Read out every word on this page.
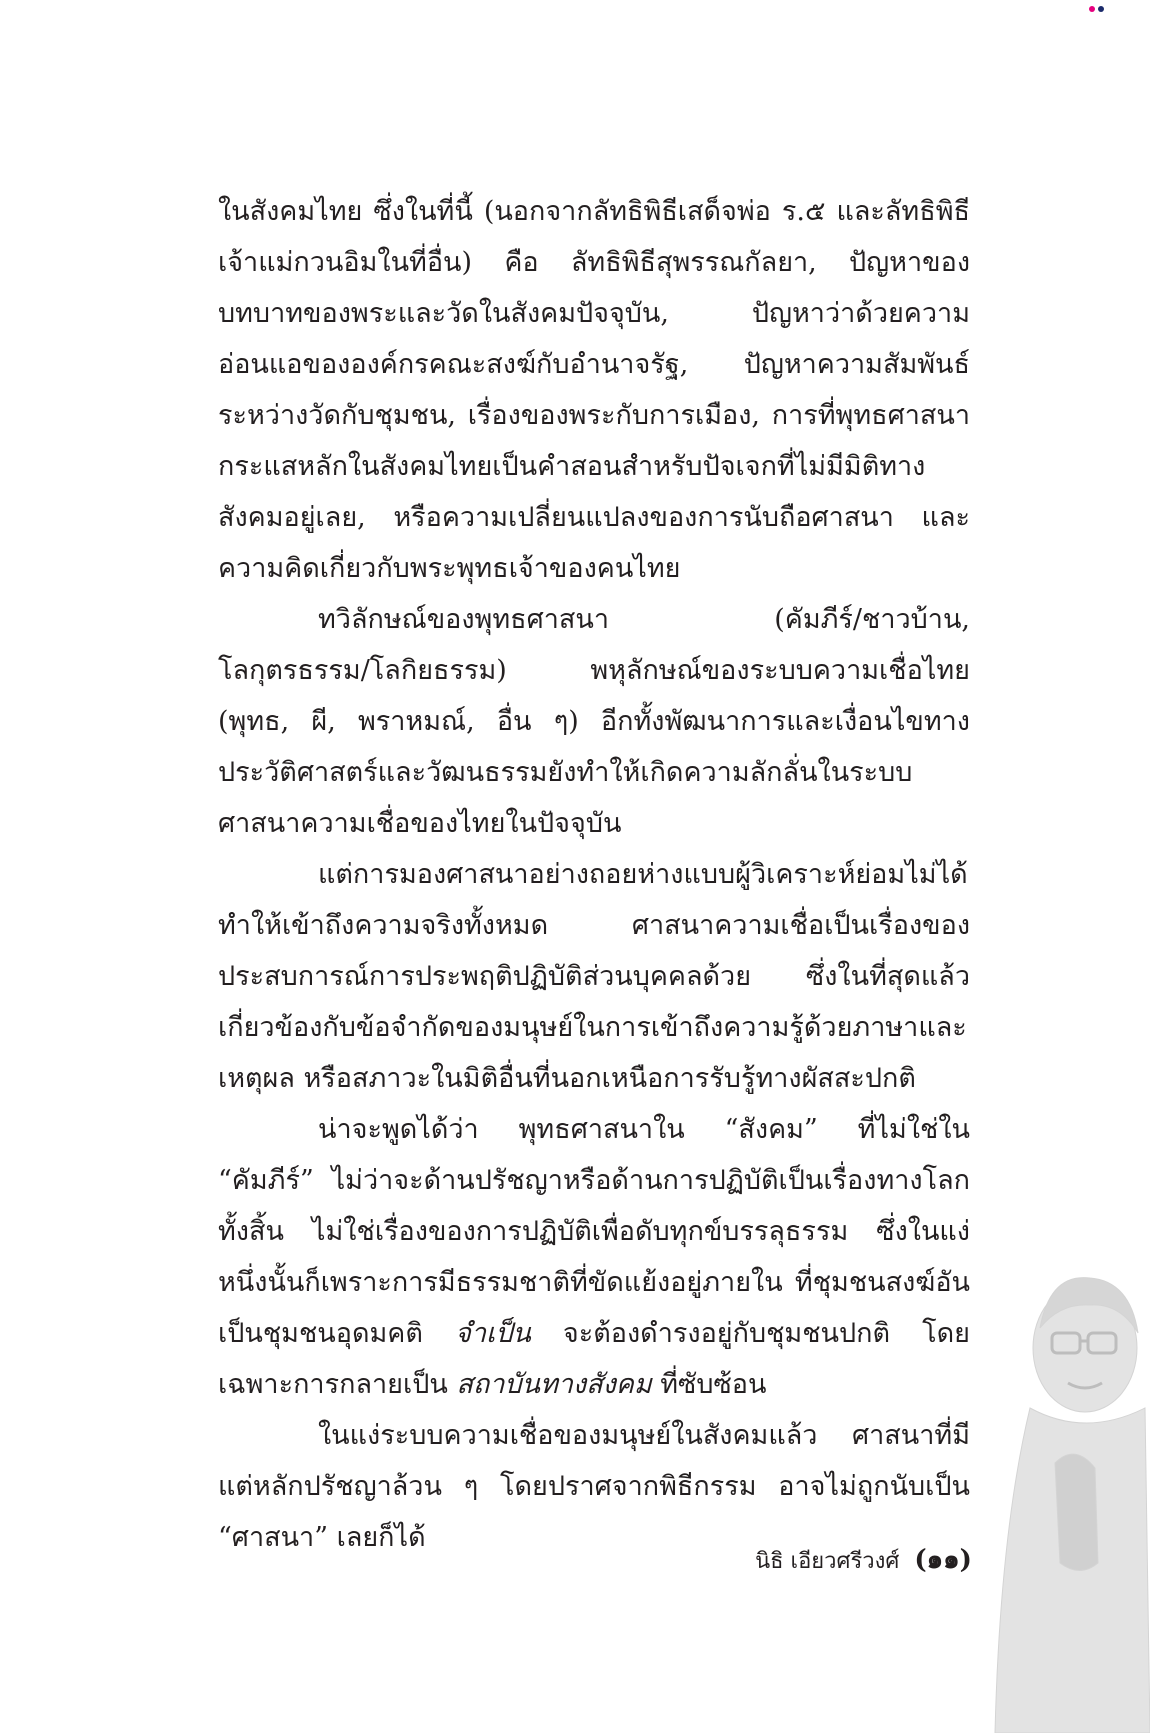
ในสังคมไทย ซึ่งในที่นี้ (นอกจากลัทธิพิธีเสด็จพ่อ ร.๕ และลัทธิพิธีเจ้าแม่กวนอิมในที่อื่น) คือ ลัทธิพิธีสุพรรณกัลยา, ปัญหาของบทบาทของพระและวัดในสังคมปัจจุบัน, ปัญหาว่าด้วยความอ่อนแอขององค์กรคณะสงฆ์กับอำนาจรัฐ, ปัญหาความสัมพันธ์ระหว่างวัดกับชุมชน, เรื่องของพระกับการเมือง, การที่พุทธศาสนากระแสหลักในสังคมไทยเป็นคำสอนสำหรับปัจเจกที่ไม่มีมิติทางสังคมอยู่เลย, หรือความเปลี่ยนแปลงของการนับถือศาสนา และความคิดเกี่ยวกับพระพุทธเจ้าของคนไทย

ทวิลักษณ์ของพุทธศาสนา (คัมภีร์/ชาวบ้าน, โลกุตรธรรม/โลกิยธรรม) พหุลักษณ์ของระบบความเชื่อไทย (พุทธ, ผี, พราหมณ์, อื่น ๆ) อีกทั้งพัฒนาการและเงื่อนไขทางประวัติศาสตร์และวัฒนธรรมยังทำให้เกิดความลักลั่นในระบบศาสนาความเชื่อของไทยในปัจจุบัน

แต่การมองศาสนาอย่างถอยห่างแบบผู้วิเคราะห์ย่อมไม่ได้ทำให้เข้าถึงความจริงทั้งหมด ศาสนาความเชื่อเป็นเรื่องของประสบการณ์การประพฤติปฏิบัติส่วนบุคคลด้วย ซึ่งในที่สุดแล้วเกี่ยวข้องกับข้อจำกัดของมนุษย์ในการเข้าถึงความรู้ด้วยภาษาและเหตุผล หรือสภาวะในมิติอื่นที่นอกเหนือการรับรู้ทางผัสสะปกติ

น่าจะพูดได้ว่า พุทธศาสนาใน “สังคม” ที่ไม่ใช่ใน “คัมภีร์” ไม่ว่าจะด้านปรัชญาหรือด้านการปฏิบัติเป็นเรื่องทางโลกทั้งสิ้น ไม่ใช่เรื่องของการปฏิบัติเพื่อดับทุกข์บรรลุธรรม ซึ่งในแง่หนึ่งนั้นก็เพราะการมีธรรมชาติที่ขัดแย้งอยู่ภายใน ที่ชุมชนสงฆ์อันเป็นชุมชนอุดมคติ จำเป็น จะต้องดำรงอยู่กับชุมชนปกติ โดยเฉพาะการกลายเป็น สถาบันทางสังคม ที่ซับซ้อน

ในแง่ระบบความเชื่อของมนุษย์ในสังคมแล้ว ศาสนาที่มีแต่หลักปรัชญาล้วน ๆ โดยปราศจากพิธีกรรม อาจไม่ถูกนับเป็น “ศาสนา” เลยก็ได้

นิธิ เอียวศรีวงศ์ (๑๑)
